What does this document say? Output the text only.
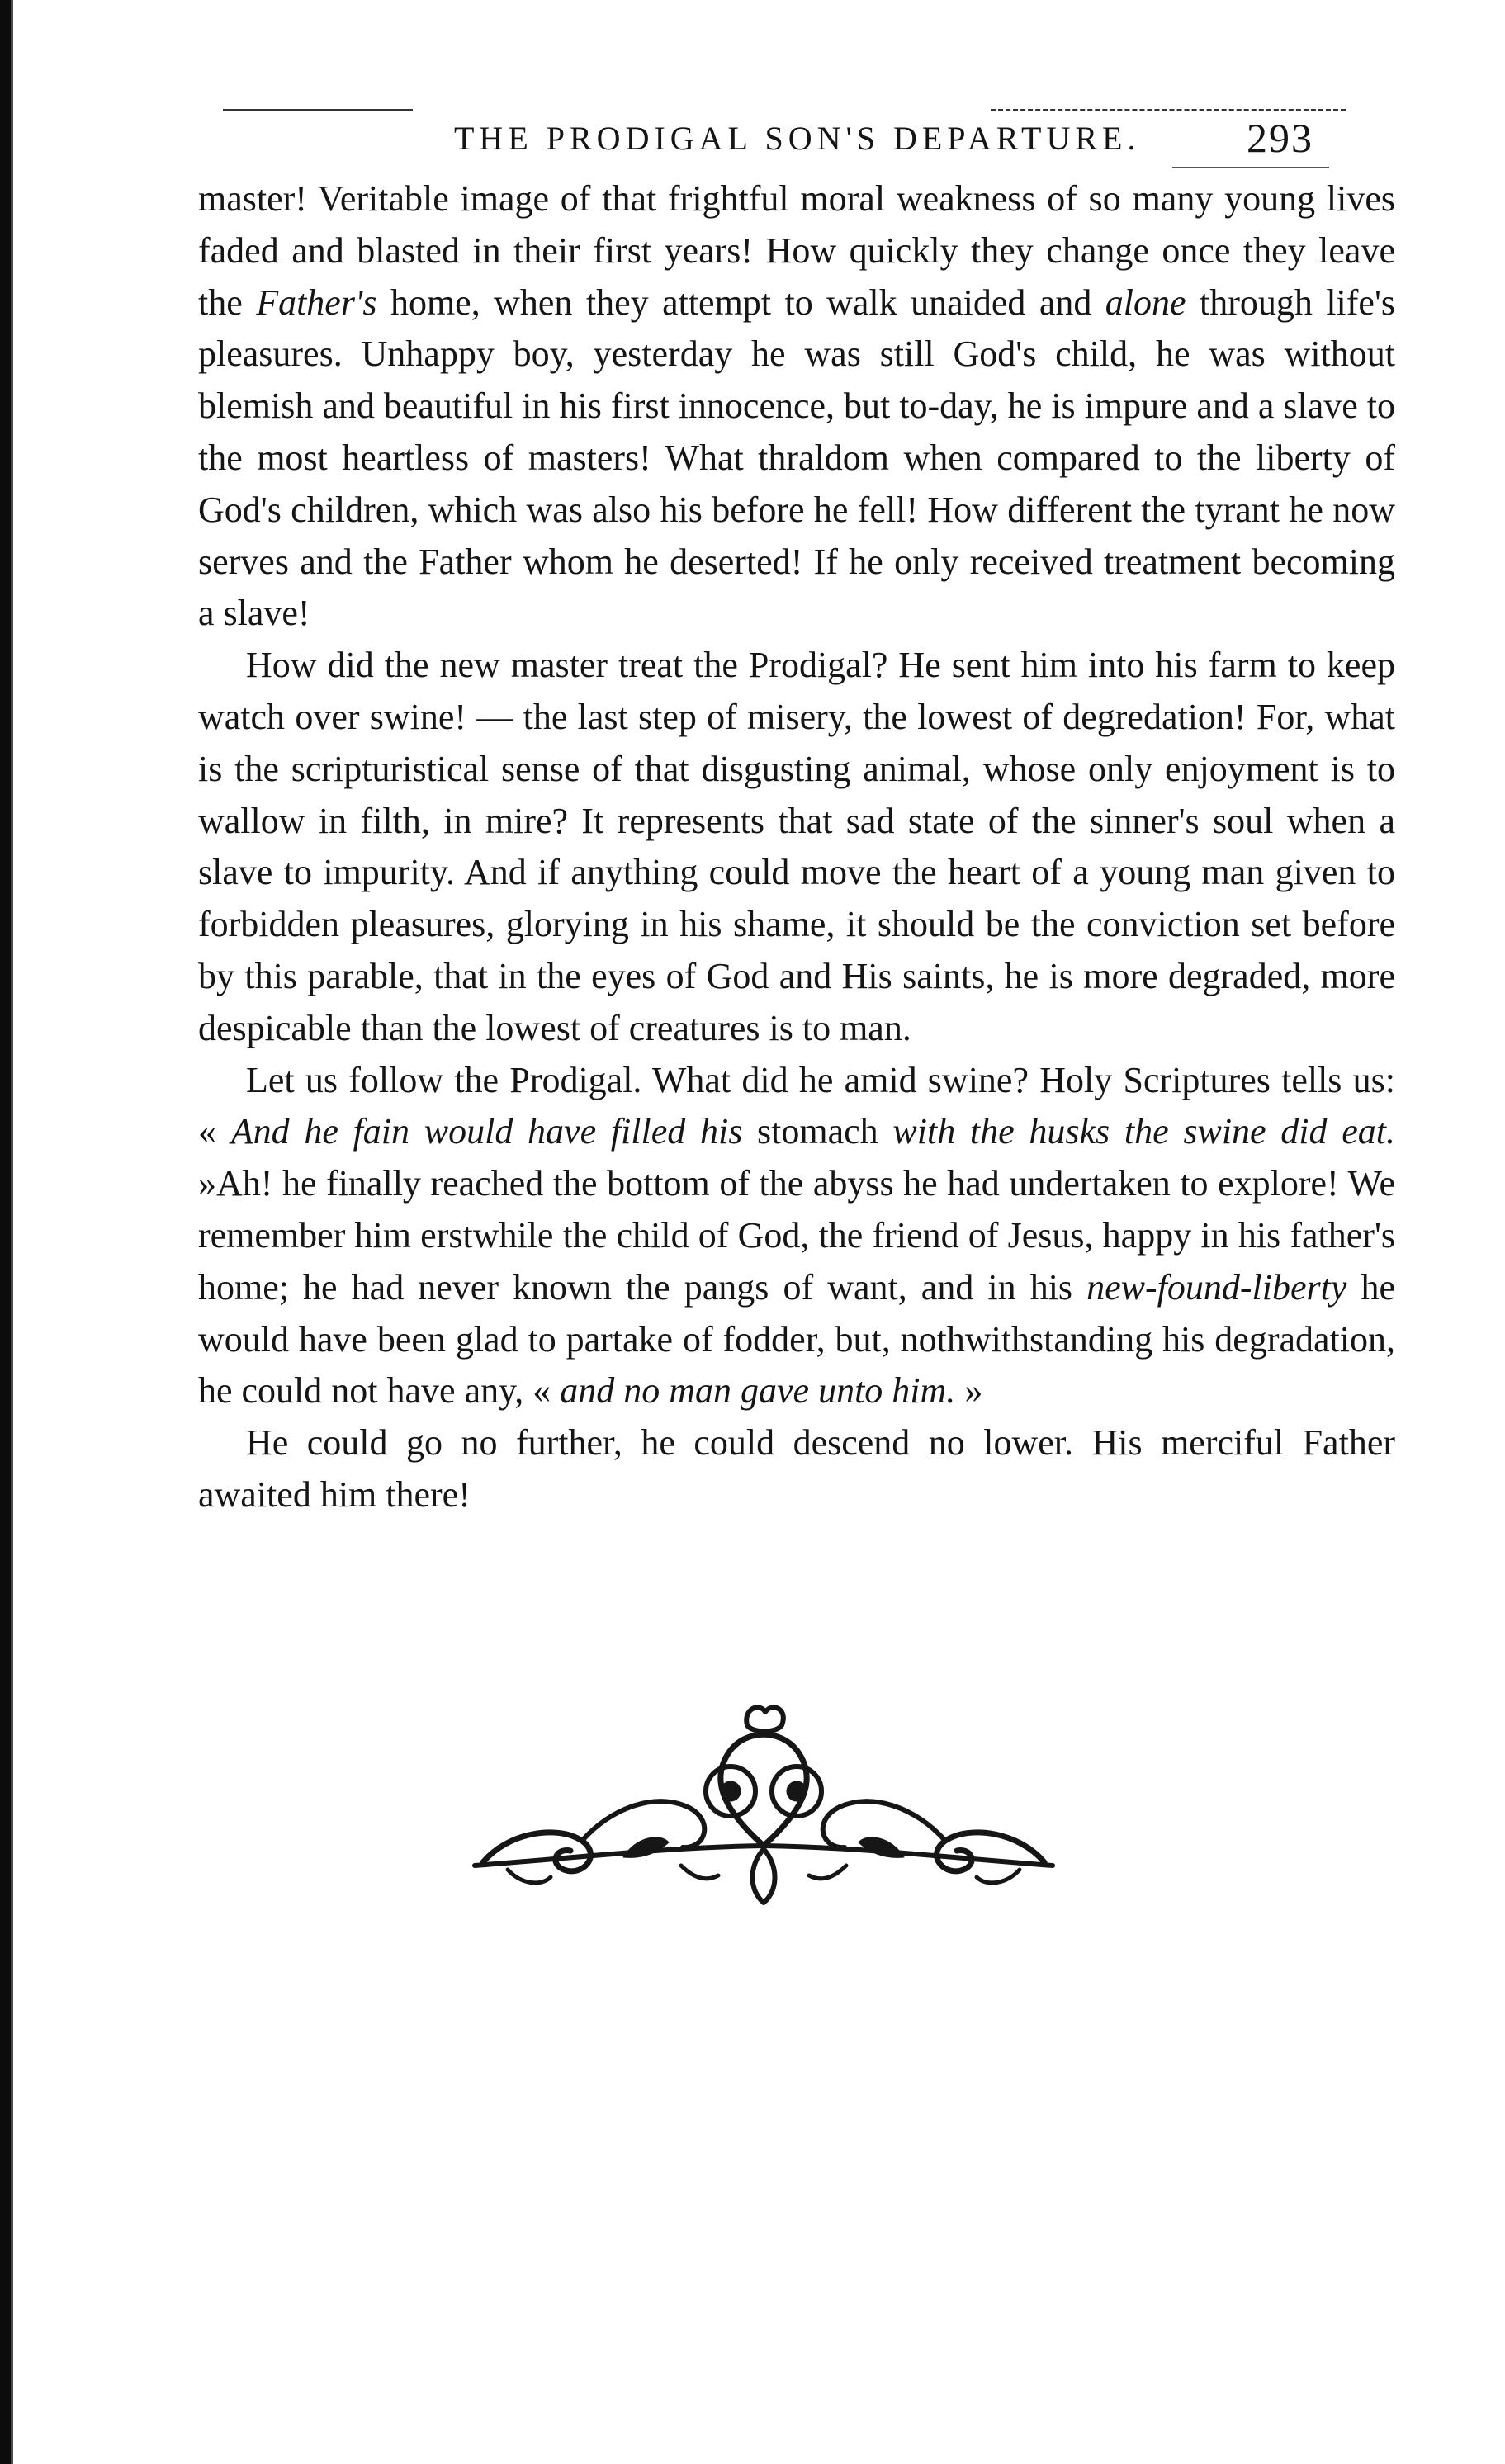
THE PRODIGAL SON'S DEPARTURE.	293

master! Veritable image of that frightful moral weakness of so many young lives faded and blasted in their first years! How quickly they change once they leave the Father's home, when they attempt to walk unaided and alone through life's pleasures. Unhappy boy, yesterday he was still God's child, he was without blemish and beautiful in his first innocence, but to-day, he is impure and a slave to the most heartless of masters! What thraldom when compared to the liberty of God's children, which was also his before he fell! How different the tyrant he now serves and the Father whom he deserted! If he only received treatment becoming a slave!

How did the new master treat the Prodigal? He sent him into his farm to keep watch over swine! — the last step of misery, the lowest of degredation! For, what is the scripturistical sense of that disgusting animal, whose only enjoyment is to wallow in filth, in mire? It represents that sad state of the sinner's soul when a slave to impurity. And if anything could move the heart of a young man given to forbidden pleasures, glorying in his shame, it should be the conviction set before by this parable, that in the eyes of God and His saints, he is more degraded, more despicable than the lowest of creatures is to man.

Let us follow the Prodigal. What did he amid swine? Holy Scriptures tells us: « And he fain would have filled his stomach with the husks the swine did eat. »Ah! he finally reached the bottom of the abyss he had undertaken to explore! We remember him erstwhile the child of God, the friend of Jesus, happy in his father's home; he had never known the pangs of want, and in his new-found-liberty he would have been glad to partake of fodder, but, nothwithstanding his degradation, he could not have any, « and no man gave unto him. »

He could go no further, he could descend no lower. His merciful Father awaited him there!
